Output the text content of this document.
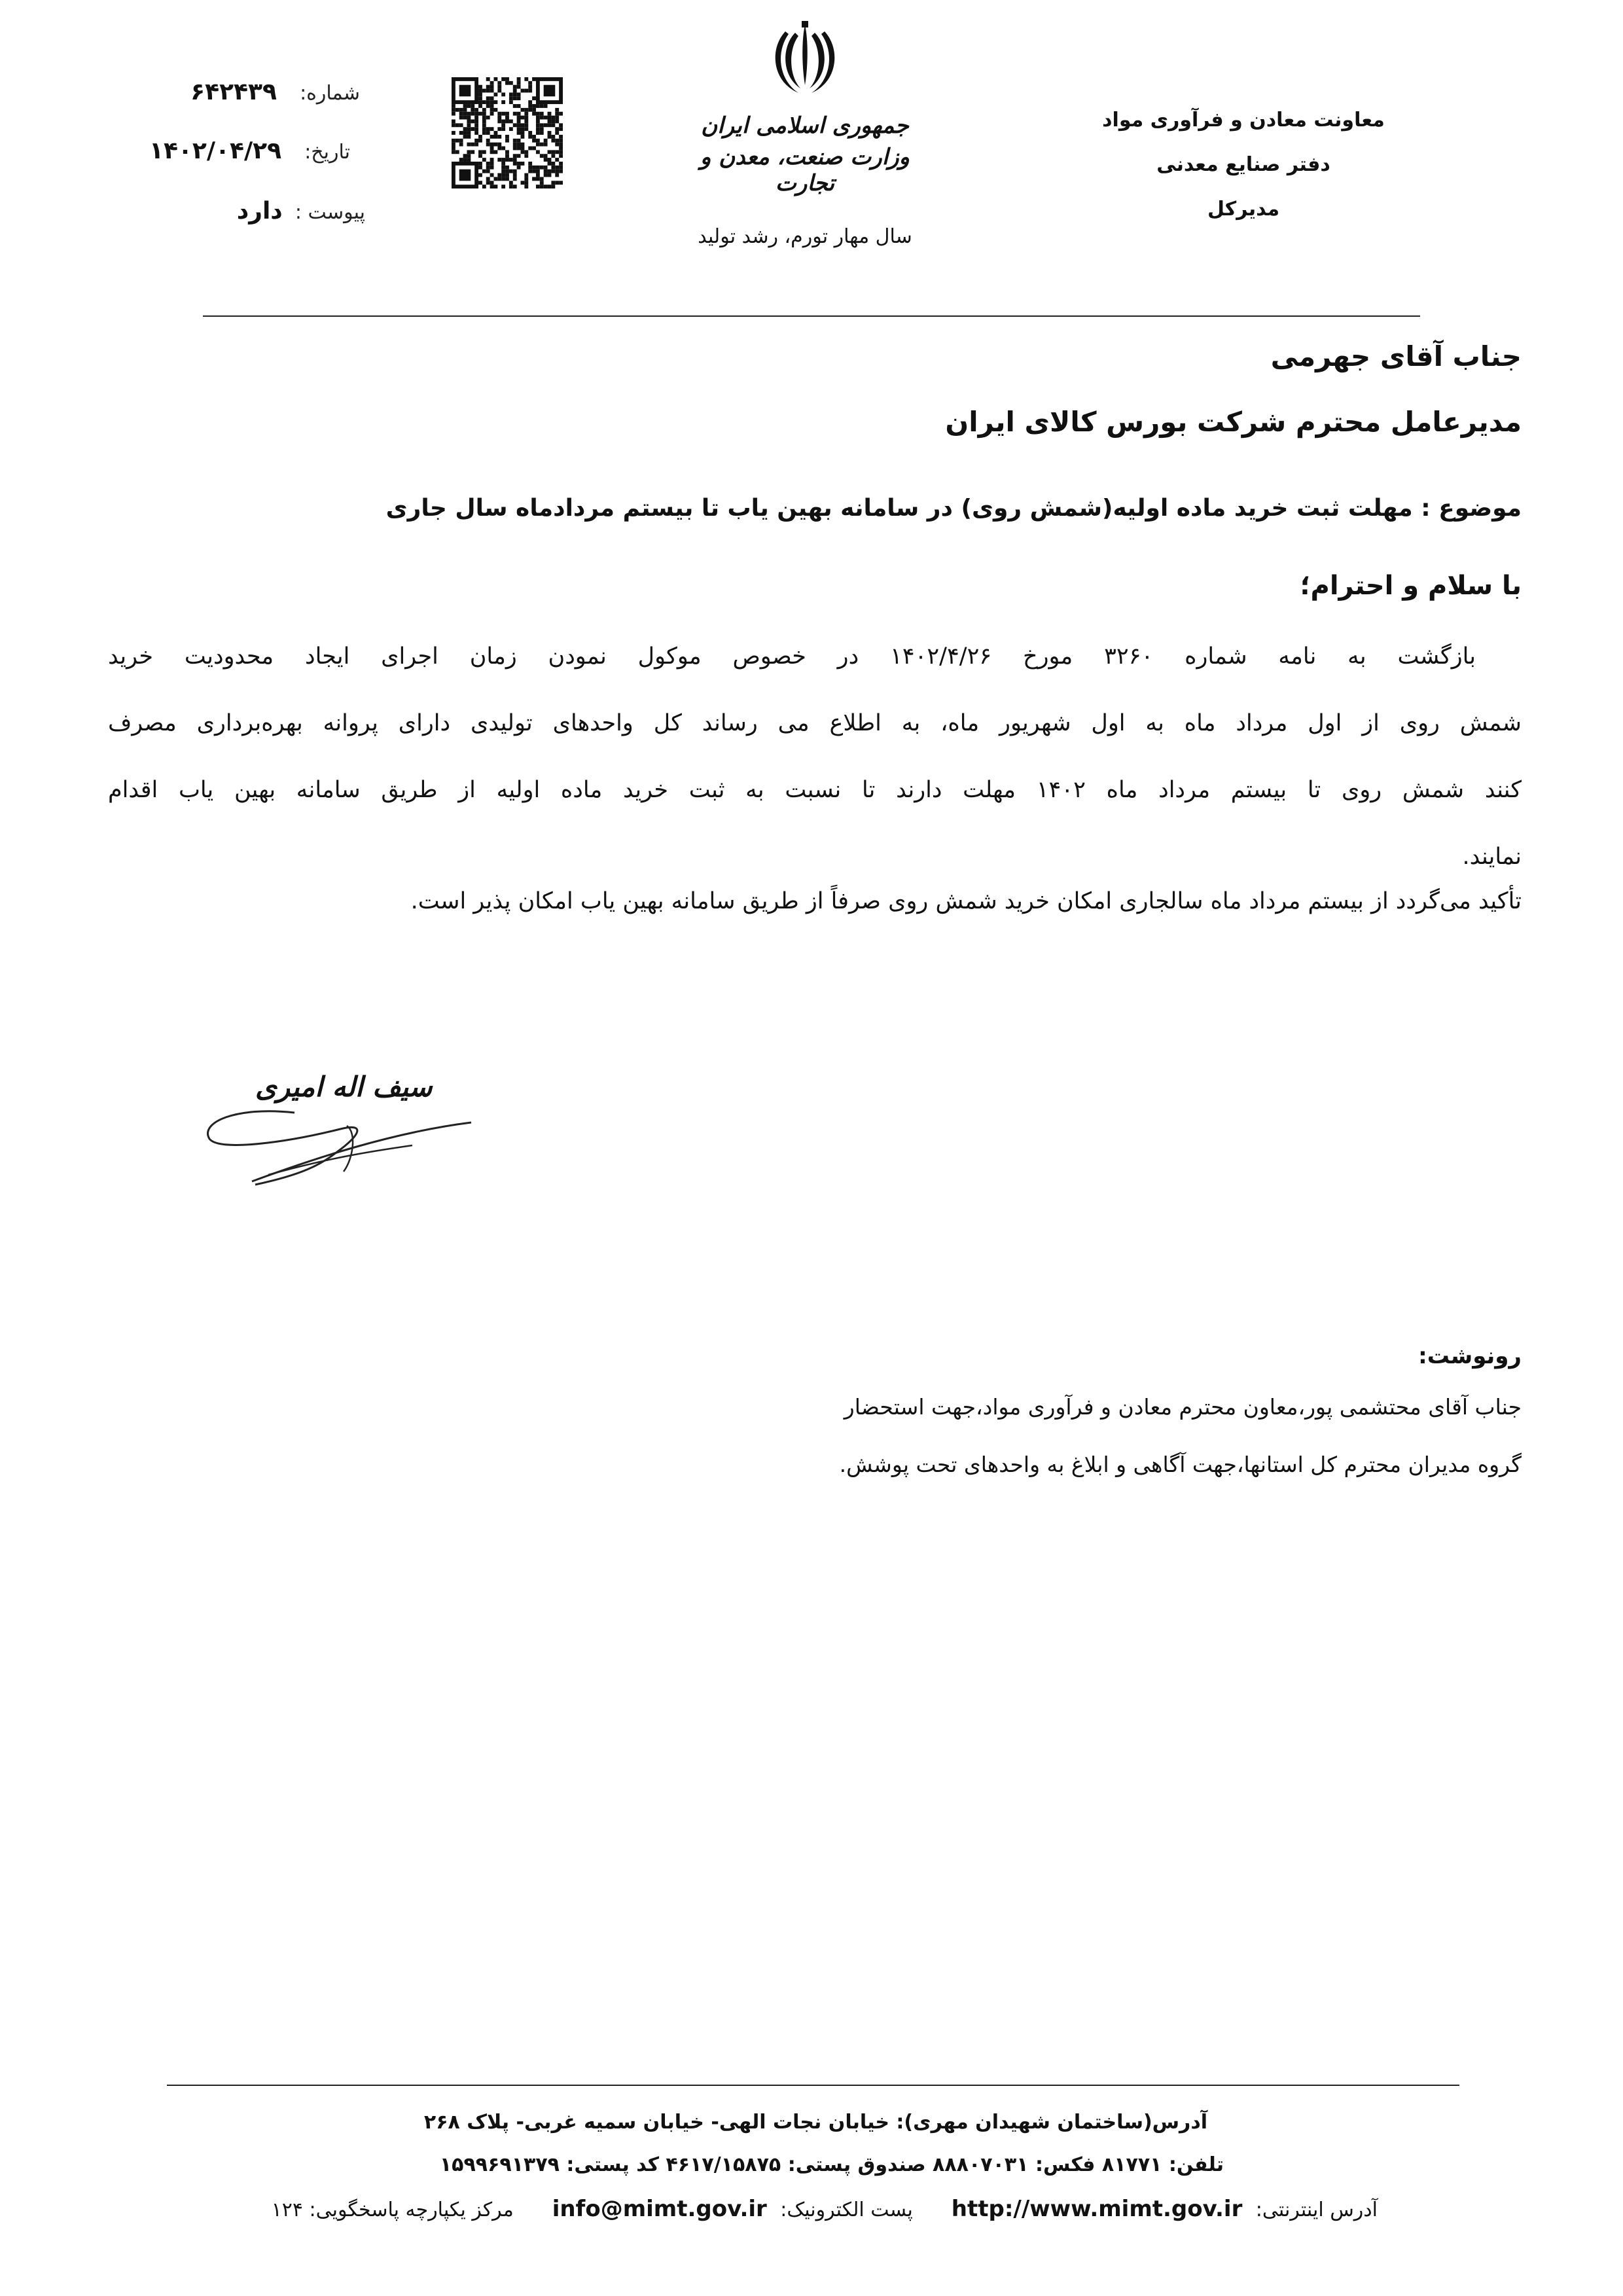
شماره: ۶۴۲۴۳۹
تاریخ: ۱۴۰۲/۰۴/۲۹
پیوست : دارد
جمهوری اسلامی ایران
وزارت صنعت، معدن و تجارت
سال مهار تورم، رشد تولید
معاونت معادن و فرآوری مواد
دفتر صنایع معدنی
مدیرکل
جناب آقای جهرمی
مدیرعامل محترم شرکت بورس کالای ایران
موضوع : مهلت ثبت خرید ماده اولیه(شمش روی) در سامانه بهین یاب تا بیستم مردادماه سال جاری
با سلام و احترام؛
بازگشت به نامه شماره ۳۲۶۰ مورخ ۱۴۰۲/۴/۲۶ در خصوص موکول نمودن زمان اجرای ایجاد محدودیت خرید
شمش روی از اول مرداد ماه به اول شهریور ماه، به اطلاع می رساند کل واحدهای تولیدی دارای پروانه بهره‌برداری مصرف
کنند شمش روی تا بیستم مرداد ماه ۱۴۰۲ مهلت دارند تا نسبت به ثبت خرید ماده اولیه از طریق سامانه بهین یاب اقدام
نمایند.
تأکید می‌گردد از بیستم مرداد ماه سالجاری امکان خرید شمش روی صرفاً از طریق سامانه بهین یاب امکان پذیر است.
سیف اله امیری
رونوشت:
جناب آقای محتشمی پور،معاون محترم معادن و فرآوری مواد،جهت استحضار
گروه مدیران محترم کل استانها،جهت آگاهی و ابلاغ به واحدهای تحت پوشش.
آدرس(ساختمان شهیدان مهری): خیابان نجات الهی- خیابان سمیه غربی- پلاک ۲۶۸
تلفن: ۸۱۷۷۱ فکس: ۸۸۸۰۷۰۳۱ صندوق پستی: ۴۶۱۷/۱۵۸۷۵ کد پستی: ۱۵۹۹۶۹۱۳۷۹
آدرس اینترنتی: http://www.mimt.gov.ir  پست الکترونیک: info@mimt.gov.ir  مرکز یکپارچه پاسخگویی: ۱۲۴
